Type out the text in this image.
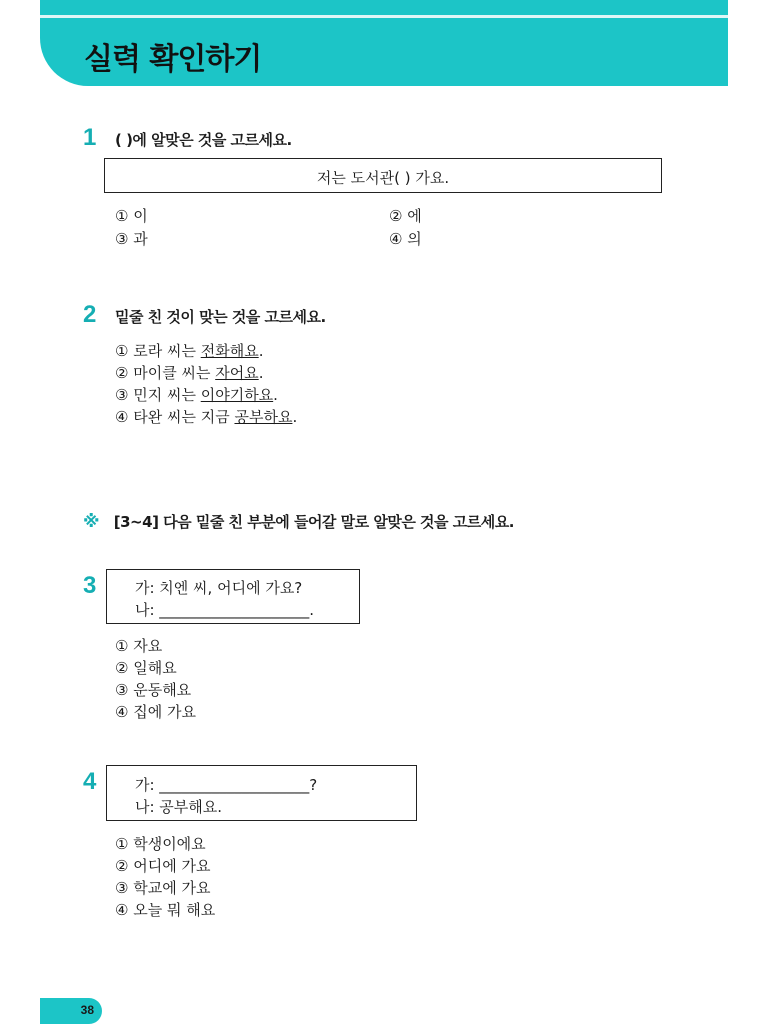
실력 확인하기
1 ( )에 알맞은 것을 고르세요.
저는 도서관( ) 가요.
① 이	② 에
③ 과	④ 의
2 밑줄 친 것이 맞는 것을 고르세요.
① 로라 씨는 전화해요.
② 마이클 씨는 자어요.
③ 민지 씨는 이야기하요.
④ 타완 씨는 지금 공부하요.
※ [3~4] 다음 밑줄 친 부분에 들어갈 말로 알맞은 것을 고르세요.
3	가: 치엔 씨, 어디에 가요?
나: ____________________.
① 자요
② 일해요
③ 운동해요
④ 집에 가요
4	가: ____________________?
나: 공부해요.
① 학생이에요
② 어디에 가요
③ 학교에 가요
④ 오늘 뭐 해요
38
